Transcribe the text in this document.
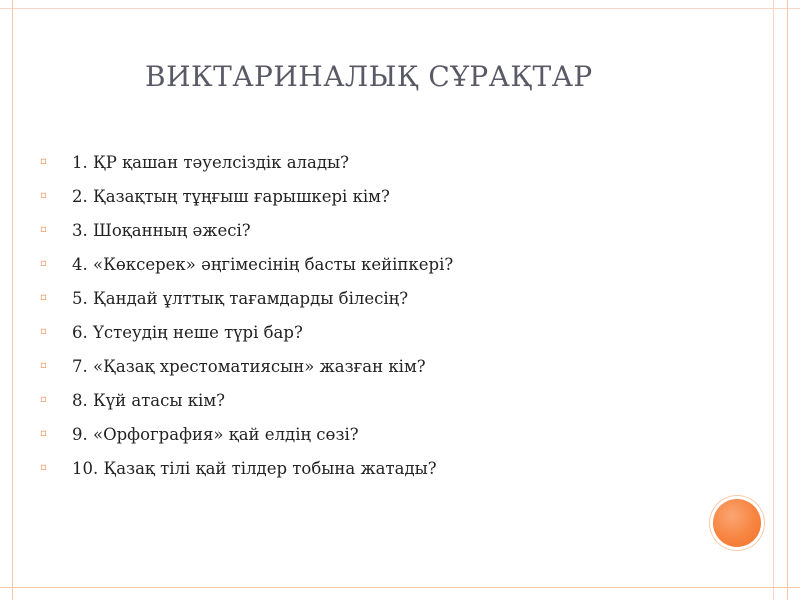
ВИКТАРИНАЛЫҚ СҰРАҚТАР
▫	1. ҚР қашан тәуелсіздік алады?
▫	2. Қазақтың тұңғыш ғарышкері кім?
▫	3. Шоқанның әжесі?
▫	4. «Көксерек» әңгімесінің басты кейіпкері?
▫	5. Қандай ұлттық тағамдарды білесің?
▫	6. Үстеудің неше түрі бар?
▫	7. «Қазақ хрестоматиясын» жазған кім?
▫	8. Күй атасы кім?
▫	9. «Орфография» қай елдің сөзі?
▫	10. Қазақ тілі қай тілдер тобына жатады?
